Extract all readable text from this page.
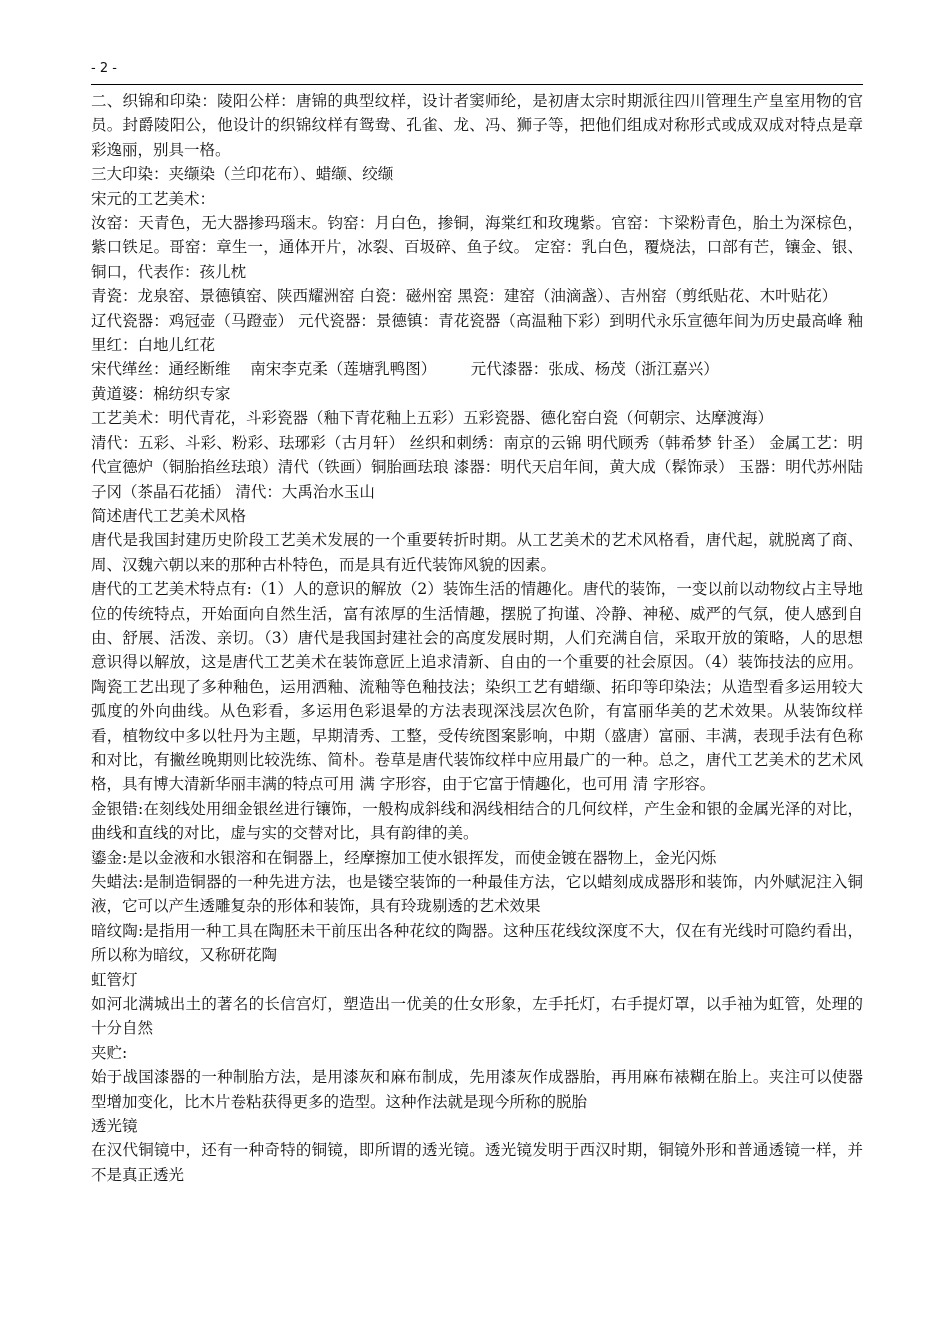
- 2 -

二、织锦和印染：陵阳公样：唐锦的典型纹样，设计者窦师纶，是初唐太宗时期派往四川管理生产皇室用物的官员。封爵陵阳公，他设计的织锦纹样有鸳鸯、孔雀、龙、冯、狮子等，把他们组成对称形式或成双成对特点是章彩逸丽，别具一格。

三大印染：夹缬染（兰印花布）、蜡缬、绞缬

宋元的工艺美术：

汝窑：天青色，无大器掺玛瑙末。钧窑：月白色，掺铜，海棠红和玫瑰紫。官窑：卞梁粉青色，胎土为深棕色，紫口铁足。哥窑：章生一，通体开片，冰裂、百圾碎、鱼子纹。 定窑：乳白色，覆烧法，口部有芒，镶金、银、铜口，代表作：孩儿枕

青瓷：龙泉窑、景德镇窑、陕西耀洲窑 白瓷：磁州窑 黑瓷：建窑（油滴盏）、吉州窑（剪纸贴花、木叶贴花）

辽代瓷器：鸡冠壶（马蹬壶） 元代瓷器：景德镇：青花瓷器（高温釉下彩）到明代永乐宣德年间为历史最高峰 釉里红：白地儿红花

宋代缂丝：通经断维    南宋李克柔（莲塘乳鸭图）       元代漆器：张成、杨茂（浙江嘉兴）

黄道婆：棉纺织专家

工艺美术：明代青花，斗彩瓷器（釉下青花釉上五彩）五彩瓷器、德化窑白瓷（何朝宗、达摩渡海）

清代：五彩、斗彩、粉彩、珐琊彩（古月轩） 丝织和刺绣：南京的云锦 明代顾秀（韩希梦 针圣） 金属工艺：明代宣德炉（铜胎掐丝珐琅）清代（铁画）铜胎画珐琅 漆器：明代天启年间，黄大成（髹饰录） 玉器：明代苏州陆子冈（茶晶石花插） 清代：大禹治水玉山

简述唐代工艺美术风格

唐代是我国封建历史阶段工艺美术发展的一个重要转折时期。从工艺美术的艺术风格看，唐代起，就脱离了商、周、汉魏六朝以来的那种古朴特色，而是具有近代装饰风貌的因素。

唐代的工艺美术特点有:（1）人的意识的解放（2）装饰生活的情趣化。唐代的装饰，一变以前以动物纹占主导地位的传统特点，开始面向自然生活，富有浓厚的生活情趣，摆脱了拘谨、冷静、神秘、威严的气氛，使人感到自由、舒展、活泼、亲切。（3）唐代是我国封建社会的高度发展时期，人们充满自信，采取开放的策略，人的思想意识得以解放，这是唐代工艺美术在装饰意匠上追求清新、自由的一个重要的社会原因。（4）装饰技法的应用。陶瓷工艺出现了多种釉色，运用洒釉、流釉等色釉技法；染织工艺有蜡缬、拓印等印染法；从造型看多运用较大弧度的外向曲线。从色彩看，多运用色彩退晕的方法表现深浅层次色阶，有富丽华美的艺术效果。从装饰纹样看，植物纹中多以牡丹为主题，早期清秀、工整，受传统图案影响，中期（盛唐）富丽、丰满，表现手法有色称和对比，有撇丝晚期则比较洗练、简朴。卷草是唐代装饰纹样中应用最广的一种。总之，唐代工艺美术的艺术风格，具有博大清新华丽丰满的特点可用 满 字形容，由于它富于情趣化，也可用 清 字形容。

金银错:在刻线处用细金银丝进行镶饰，一般构成斜线和涡线相结合的几何纹样，产生金和银的金属光泽的对比，曲线和直线的对比，虚与实的交替对比，具有韵律的美。

鎏金:是以金液和水银溶和在铜器上，经摩擦加工使水银挥发，而使金镀在器物上，金光闪烁

失蜡法:是制造铜器的一种先进方法，也是镂空装饰的一种最佳方法，它以蜡刻成成器形和装饰，内外赋泥注入铜液，它可以产生透雕复杂的形体和装饰，具有玲珑剔透的艺术效果

暗纹陶:是指用一种工具在陶胚未干前压出各种花纹的陶器。这种压花线纹深度不大，仅在有光线时可隐约看出，所以称为暗纹，又称研花陶

虹管灯

如河北满城出土的著名的长信宫灯，塑造出一优美的仕女形象，左手托灯，右手提灯罩，以手袖为虹管，处理的十分自然

夹贮:

始于战国漆器的一种制胎方法，是用漆灰和麻布制成，先用漆灰作成器胎，再用麻布裱糊在胎上。夹注可以使器型增加变化，比木片卷粘获得更多的造型。这种作法就是现今所称的脱胎

透光镜

在汉代铜镜中，还有一种奇特的铜镜，即所谓的透光镜。透光镜发明于西汉时期，铜镜外形和普通透镜一样，并不是真正透光
